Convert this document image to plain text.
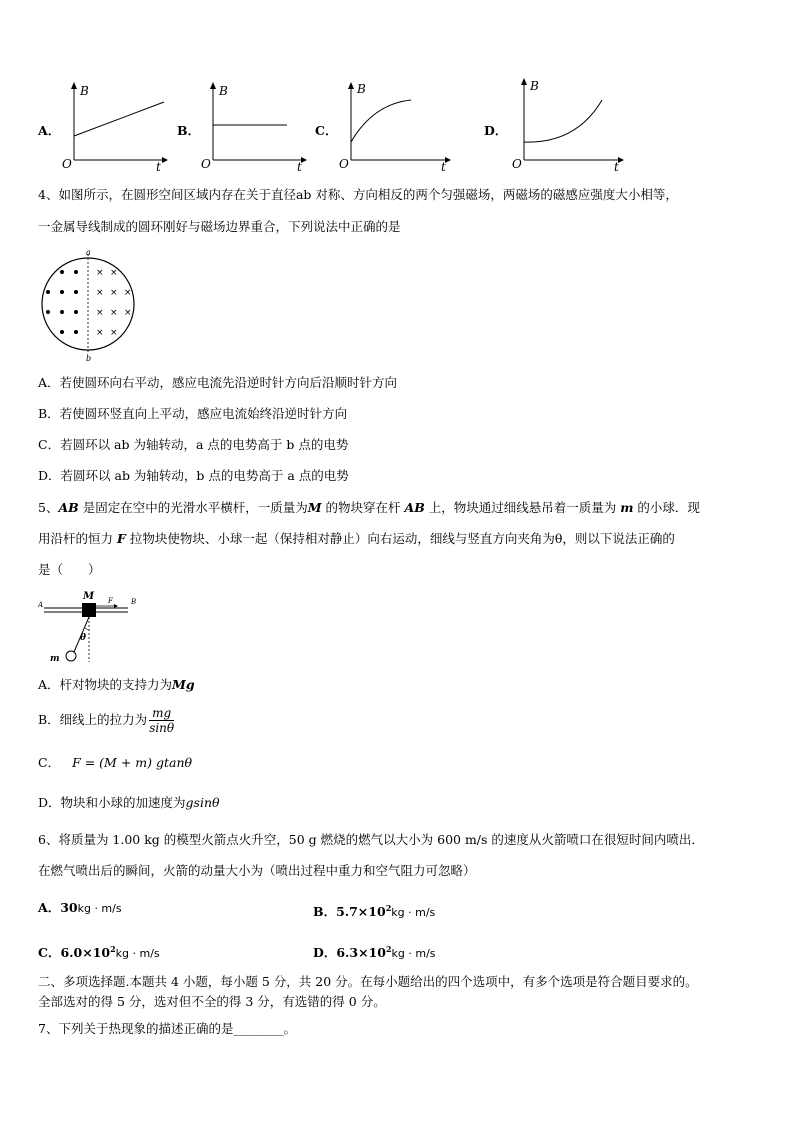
A．
B
t
O
B．
B
t
O
C．
B
t
O
D．
B
t
O
4、如图所示，在圆形空间区域内存在关于直径ab 对称、方向相反的两个匀强磁场，两磁场的磁感应强度大小相等，
一金属导线制成的圆环刚好与磁场边界重合，下列说法中正确的是
× ×
× × ×
× × ×
× ×
a
b
A．若使圆环向右平动，感应电流先沿逆时针方向后沿顺时针方向
B．若使圆环竖直向上平动，感应电流始终沿逆时针方向
C．若圆环以 ab 为轴转动，a 点的电势高于 b 点的电势
D．若圆环以 ab 为轴转动，b 点的电势高于 a 点的电势
5、AB 是固定在空中的光滑水平横杆，一质量为M 的物块穿在杆 AB 上，物块通过细线悬吊着一质量为 m 的小球．现
用沿杆的恒力 F 拉物块使物块、小球一起（保持相对静止）向右运动，细线与竖直方向夹角为θ，则以下说法正确的
是（　　）
A	B
M F
θ
m
A．杆对物块的支持力为Mg
B．细线上的拉力为 $\frac{mg}{\sin\theta}$
C． F = (M + m) gtanθ
D．物块和小球的加速度为gsinθ
6、将质量为 1.00 kg 的模型火箭点火升空，50 g 燃烧的燃气以大小为 600 m/s 的速度从火箭喷口在很短时间内喷出．
在燃气喷出后的瞬间，火箭的动量大小为（喷出过程中重力和空气阻力可忽略）
A．30kg · m/s	B．$5.7\times 10^2kg \cdot m/s$
C．$6.0\times 10^2kg \cdot m/s$	D．$6.3\times 10^2kg \cdot m/s$
二、多项选择题.本题共 4 小题，每小题 5 分，共 20 分。在每小题给出的四个选项中，有多个选项是符合题目要求的。
全部选对的得 5 分，选对但不全的得 3 分，有选错的得 0 分。
7、下列关于热现象的描述正确的是________。
